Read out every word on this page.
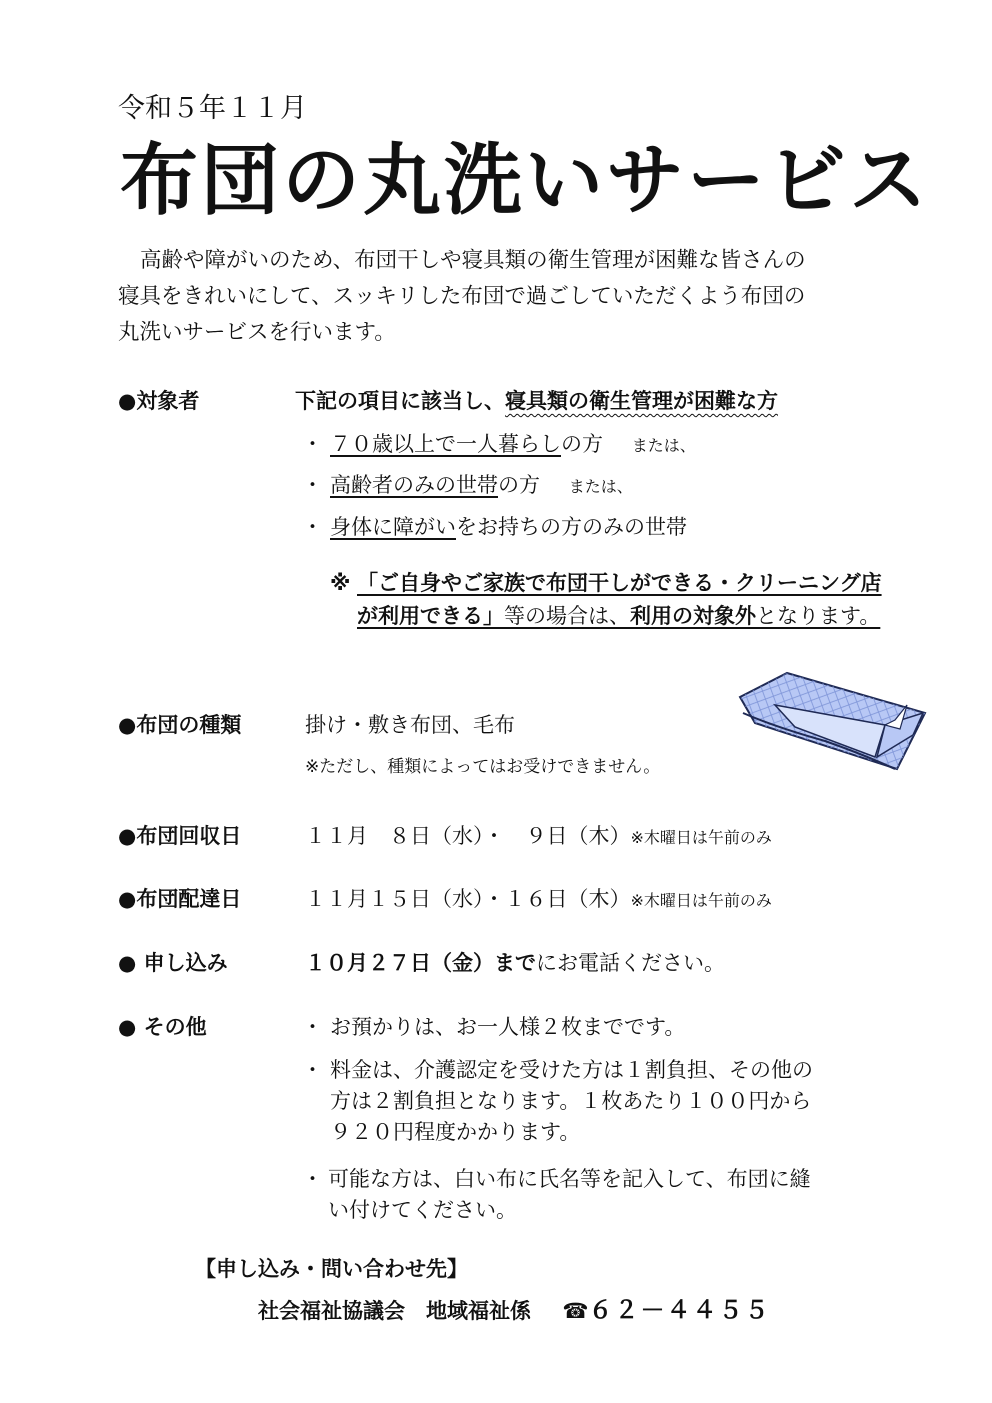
令和５年１１月
布団の丸洗いサービス
高齢や障がいのため、布団干しや寝具類の衛生管理が困難な皆さんの
寝具をきれいにして、スッキリした布団で過ごしていただくよう布団の
丸洗いサービスを行います。
●対象者	下記の項目に該当し、寝具類の衛生管理が困難な方
・ ７０歳以上で一人暮らしの方 または、
・ 高齢者のみの世帯の方 または、
・ 身体に障がいをお持ちの方のみの世帯
※ 「ご自身やご家族で布団干しができる・クリーニング店が利用できる」等の場合は、利用の対象外となります。
●布団の種類	掛け・敷き布団、毛布
※ただし、種類によってはお受けできません。
●布団回収日	１１月　８日（水）・　９日（木）※木曜日は午前のみ
●布団配達日	１１月１５日（水）・１６日（木）※木曜日は午前のみ
● 申し込み	１０月２７日（金）までにお電話ください。
● その他	・ お預かりは、お一人様２枚までです。
・ 料金は、介護認定を受けた方は１割負担、その他の

方は２割負担となります。１枚あたり１００円から

９２０円程度かかります。

・ 可能な方は、白い布に氏名等を記入して、布団に縫

い付けてください。

【申し込み・問い合わせ先】
社会福祉協議会　地域福祉係 ☎６２－４４５５
